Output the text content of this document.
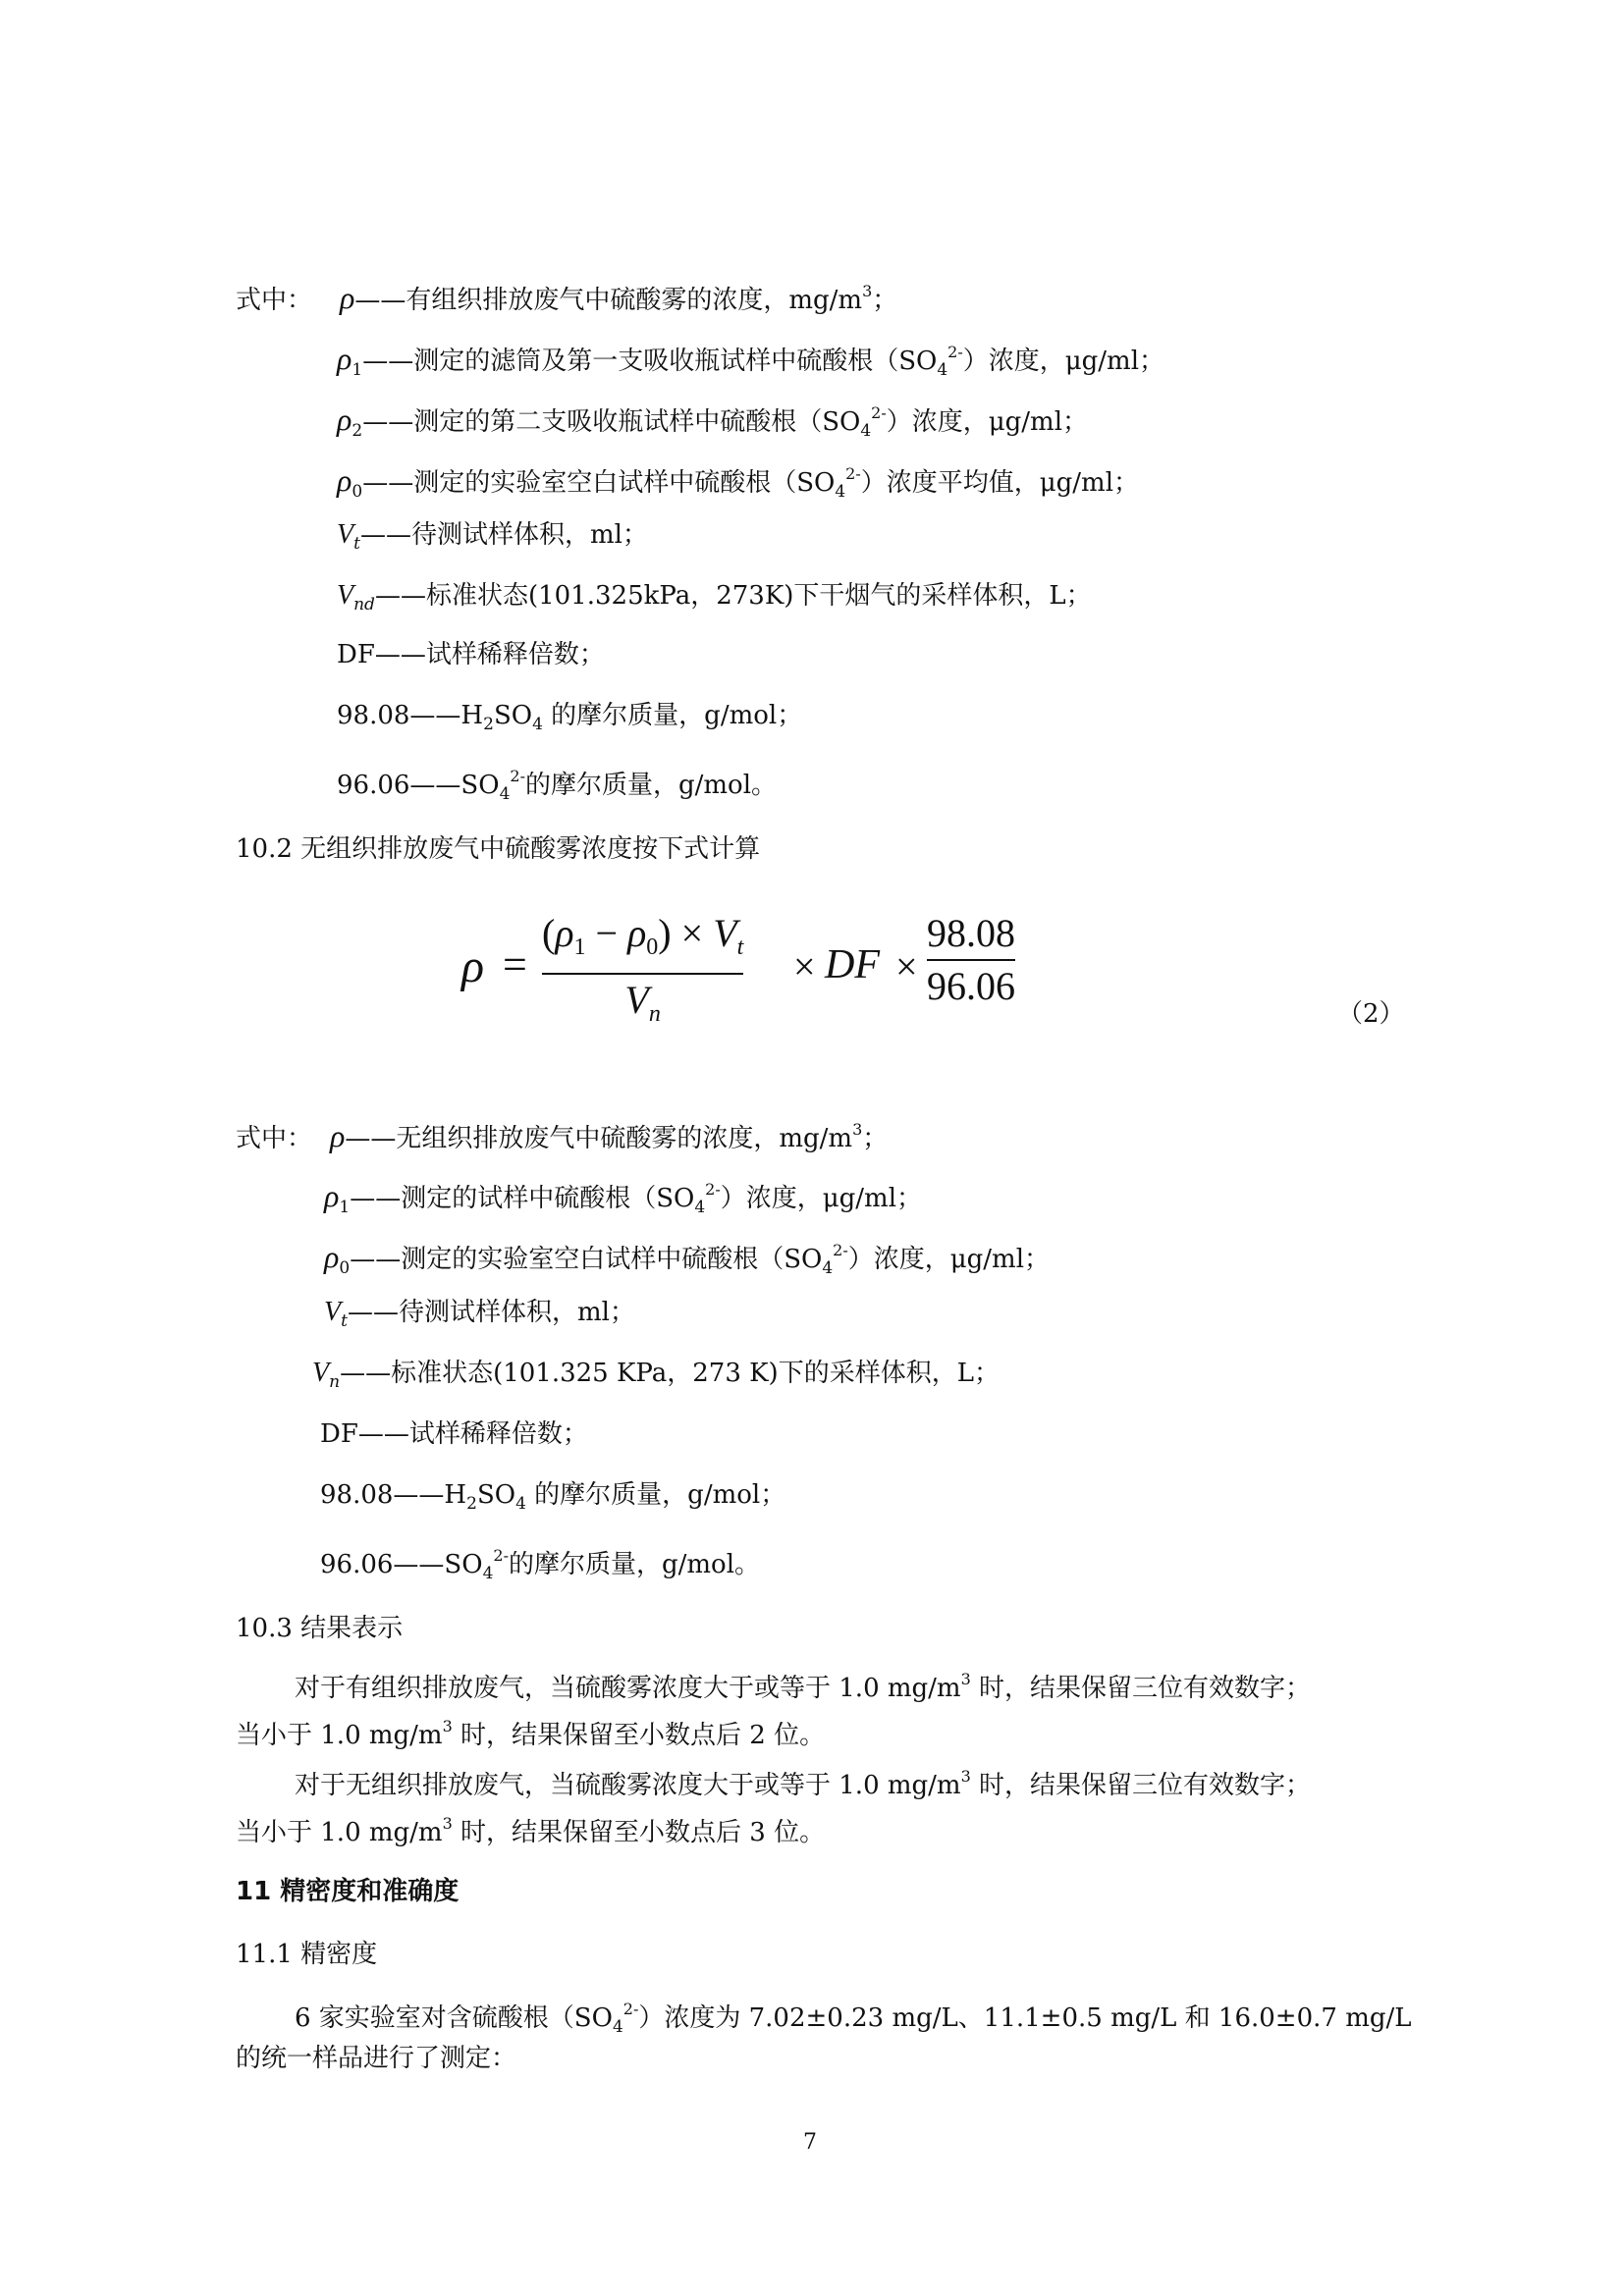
式中： ρ——有组织排放废气中硫酸雾的浓度，$mg/m^3$；
$\rho_1——$测定的滤筒及第一支吸收瓶试样中硫酸根$(SO_4^{2-})$浓度，μg/ml；
$\rho_2——$测定的第二支吸收瓶试样中硫酸根$(SO_4^{2-})$浓度，μg/ml；
$\rho_0——$测定的实验室空白试样中硫酸根$(SO_4^{2-})$浓度平均值，μg/ml；
$V_t——$待测试样体积，ml；
$V_{nd}——$标准状态(101.325kPa，273K)下干烟气的采样体积，L；
DF——试样稀释倍数；
$98.08——H_2SO_4$ 的摩尔质量，g/mol；
$96.06——SO_4^{2-}$的摩尔质量，g/mol。
10.2 无组织排放废气中硫酸雾浓度按下式计算
ρ =
$(\rho_1 - \rho_0) \times V_t$
$V_n$
× DF ×
98.08
96.06
（2）
式中： ρ——无组织排放废气中硫酸雾的浓度，$mg/m^3$；
$\rho_1——$测定的试样中硫酸根$(SO_4^{2-})$浓度，μg/ml；
$\rho_0——$测定的实验室空白试样中硫酸根$(SO_4^{2-})$浓度，μg/ml；
$V_t——$待测试样体积，ml；
$V_n——$标准状态(101.325 KPa，273 K)下的采样体积，L；
DF——试样稀释倍数；
$98.08——H_2SO_4$ 的摩尔质量，g/mol；
$96.06——SO_4^{2-}$的摩尔质量，g/mol。
10.3 结果表示
对于有组织排放废气，当硫酸雾浓度大于或等于 1.0 $mg/m^3$ 时，结果保留三位有效数字；
当小于 1.0 $mg/m^3$ 时，结果保留至小数点后 2 位。
对于无组织排放废气，当硫酸雾浓度大于或等于 1.0 $mg/m^3$ 时，结果保留三位有效数字；
当小于 1.0 $mg/m^3$ 时，结果保留至小数点后 3 位。
11 精密度和准确度
11.1 精密度
6 家实验室对含硫酸根$(SO_4^{2-})$浓度为 7.02±0.23 mg/L、11.1±0.5 mg/L 和 16.0±0.7 mg/L
的统一样品进行了测定：
7
